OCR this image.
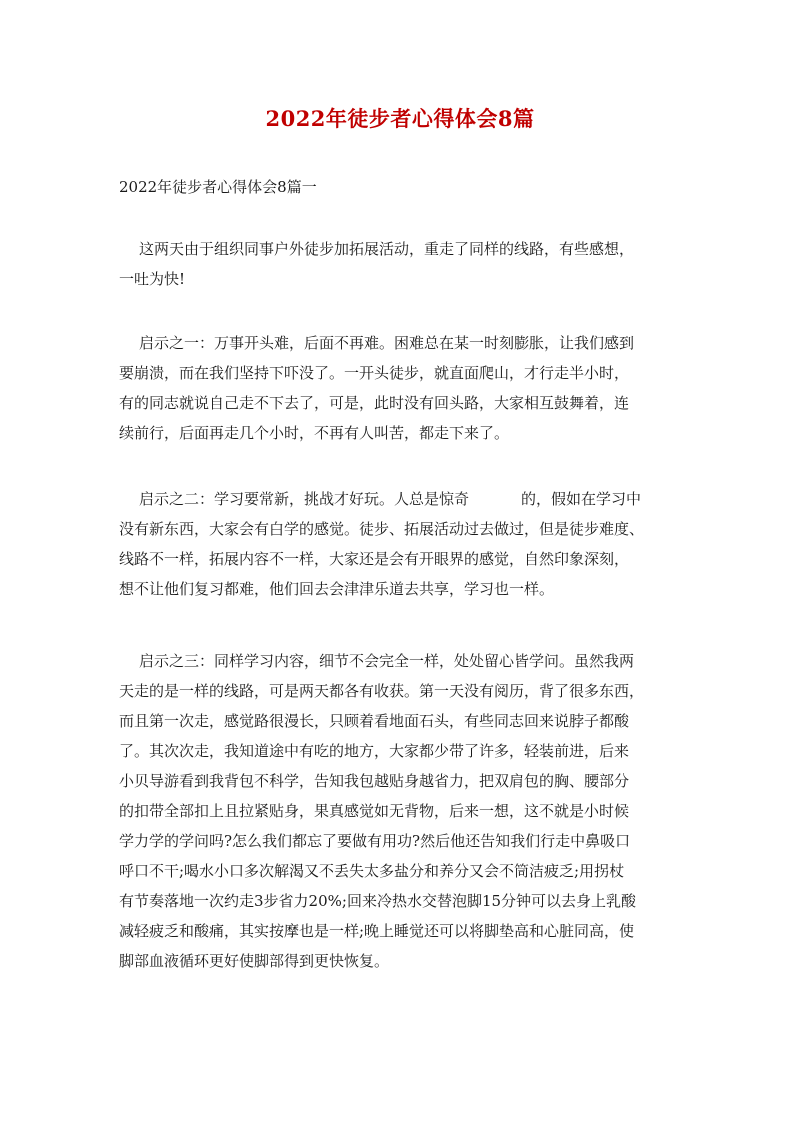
2022年徒步者心得体会8篇

2022年徒步者心得体会8篇一

这两天由于组织同事户外徒步加拓展活动，重走了同样的线路，有些感想，
一吐为快!
启示之一：万事开头难，后面不再难。困难总在某一时刻膨胀，让我们感到
要崩溃，而在我们坚持下吓没了。一开头徒步，就直面爬山，才行走半小时，
有的同志就说自己走不下去了，可是，此时没有回头路，大家相互鼓舞着，连
续前行，后面再走几个小时，不再有人叫苦，都走下来了。
启示之二：学习要常新，挑战才好玩。人总是惊奇	的，假如在学习中
没有新东西，大家会有白学的感觉。徒步、拓展活动过去做过，但是徒步难度、
线路不一样，拓展内容不一样，大家还是会有开眼界的感觉，自然印象深刻，
想不让他们复习都难，他们回去会津津乐道去共享，学习也一样。
启示之三：同样学习内容，细节不会完全一样，处处留心皆学问。虽然我两
天走的是一样的线路，可是两天都各有收获。第一天没有阅历，背了很多东西，
而且第一次走，感觉路很漫长，只顾着看地面石头，有些同志回来说脖子都酸
了。其次次走，我知道途中有吃的地方，大家都少带了许多，轻装前进，后来
小贝导游看到我背包不科学，告知我包越贴身越省力，把双肩包的胸、腰部分
的扣带全部扣上且拉紧贴身，果真感觉如无背物，后来一想，这不就是小时候
学力学的学问吗?怎么我们都忘了要做有用功?然后他还告知我们行走中鼻吸口
呼口不干;喝水小口多次解渴又不丢失太多盐分和养分又会不筒洁疲乏;用拐杖
有节奏落地一次约走3步省力20%;回来冷热水交替泡脚15分钟可以去身上乳酸
减轻疲乏和酸痛，其实按摩也是一样;晚上睡觉还可以将脚垫高和心脏同高，使
脚部血液循环更好使脚部得到更快恢复。
